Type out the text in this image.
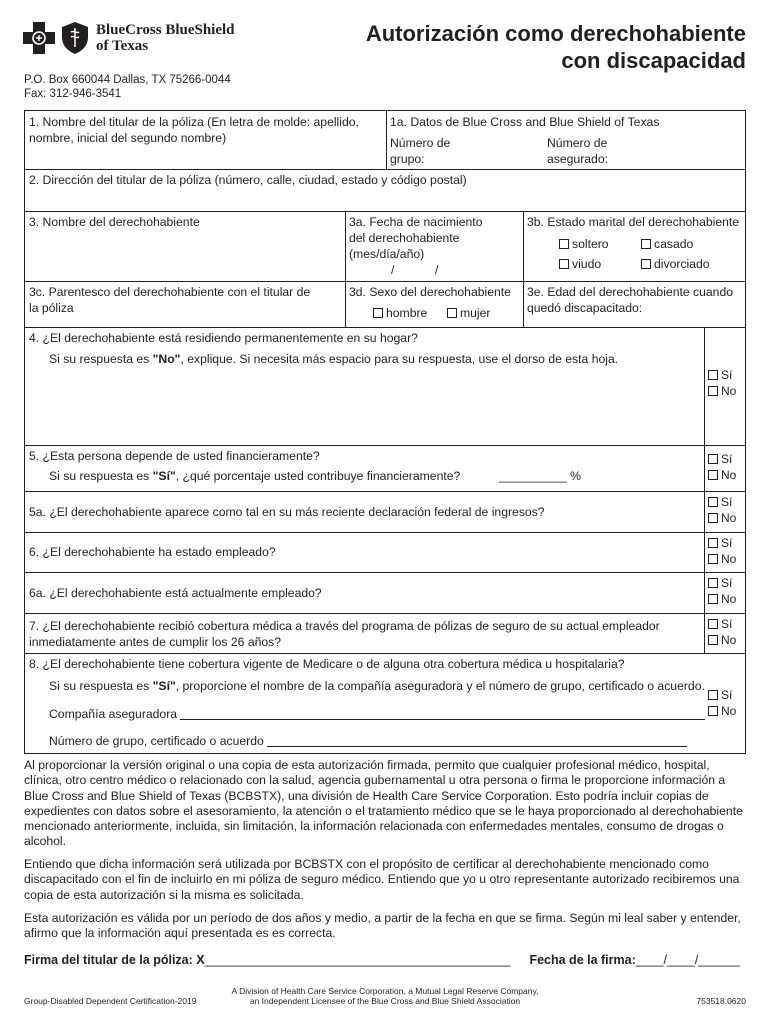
BlueCross BlueShield
of Texas	Autorización como derechohabiente
con discapacidad
P.O. Box 660044 Dallas, TX 75266-0044
Fax: 312-946-3541
1. Nombre del titular de la póliza (En letra de molde: apellido, nombre, inicial del segundo nombre)
1a. Datos de Blue Cross and Blue Shield of Texas
Número de grupo:
Número de asegurado:
2. Dirección del titular de la póliza (número, calle, ciudad, estado y código postal)
3. Nombre del derechohabiente	3a. Fecha de nacimiento del derechohabiente (mes/día/año)
/            /
3b. Estado marital del derechohabiente
soltero	casado
viudo	divorciado
3c. Parentesco del derechohabiente con el titular de la póliza
3d. Sexo del derechohabiente
hombre	mujer
3e. Edad del derechohabiente cuando quedó discapacitado:
4. ¿El derechohabiente está residiendo permanentemente en su hogar?
Si su respuesta es "No", explique. Si necesita más espacio para su respuesta, use el dorso de esta hoja.
Sí
No
5. ¿Esta persona depende de usted financieramente?
Si su respuesta es "Sí", ¿qué porcentaje usted contribuye financieramente?	__________ %
Sí
No
5a. ¿El derechohabiente aparece como tal en su más reciente declaración federal de ingresos?
Sí
No
6. ¿El derechohabiente ha estado empleado?
Sí
No
6a. ¿El derechohabiente está actualmente empleado?
Sí
No
7. ¿El derechohabiente recibió cobertura médica a través del programa de pólizas de seguro de su actual empleador inmediatamente antes de cumplir los 26 años?
Sí
No
8. ¿El derechohabiente tiene cobertura vigente de Medicare o de alguna otra cobertura médica u hospitalaria?
Si su respuesta es "Sí", proporcione el nombre de la compañía aseguradora y el número de grupo, certificado o acuerdo.
Compañía aseguradora
Número de grupo, certificado o acuerdo
Sí
No
Al proporcionar la versión original o una copia de esta autorización firmada, permito que cualquier profesional médico, hospital, clínica, otro centro médico o relacionado con la salud, agencia gubernamental u otra persona o firma le proporcione información a Blue Cross and Blue Shield of Texas (BCBSTX), una división de Health Care Service Corporation. Esto podría incluir copias de expedientes con datos sobre el asesoramiento, la atención o el tratamiento médico que se le haya proporcionado al derechohabiente mencionado anteriormente, incluida, sin limitación, la información relacionada con enfermedades mentales, consumo de drogas o alcohol.
Entiendo que dicha información será utilizada por BCBSTX con el propósito de certificar al derechohabiente mencionado como discapacitado con el fin de incluirlo en mi póliza de seguro médico. Entiendo que yo u otro representante autorizado recibiremos una copia de esta autorización si la misma es solicitada.
Esta autorización es válida por un período de dos años y medio, a partir de la fecha en que se firma. Según mi leal saber y entender, afirmo que la información aquí presentada es es correcta.
Firma del titular de la póliza: X____________________________________________ Fecha de la firma:____/____/______
Group-Disabled Dependent Certification-2019
A Division of Health Care Service Corporation, a Mutual Legal Reserve Company,
an Independent Licensee of the Blue Cross and Blue Shield Association	753518.0620
